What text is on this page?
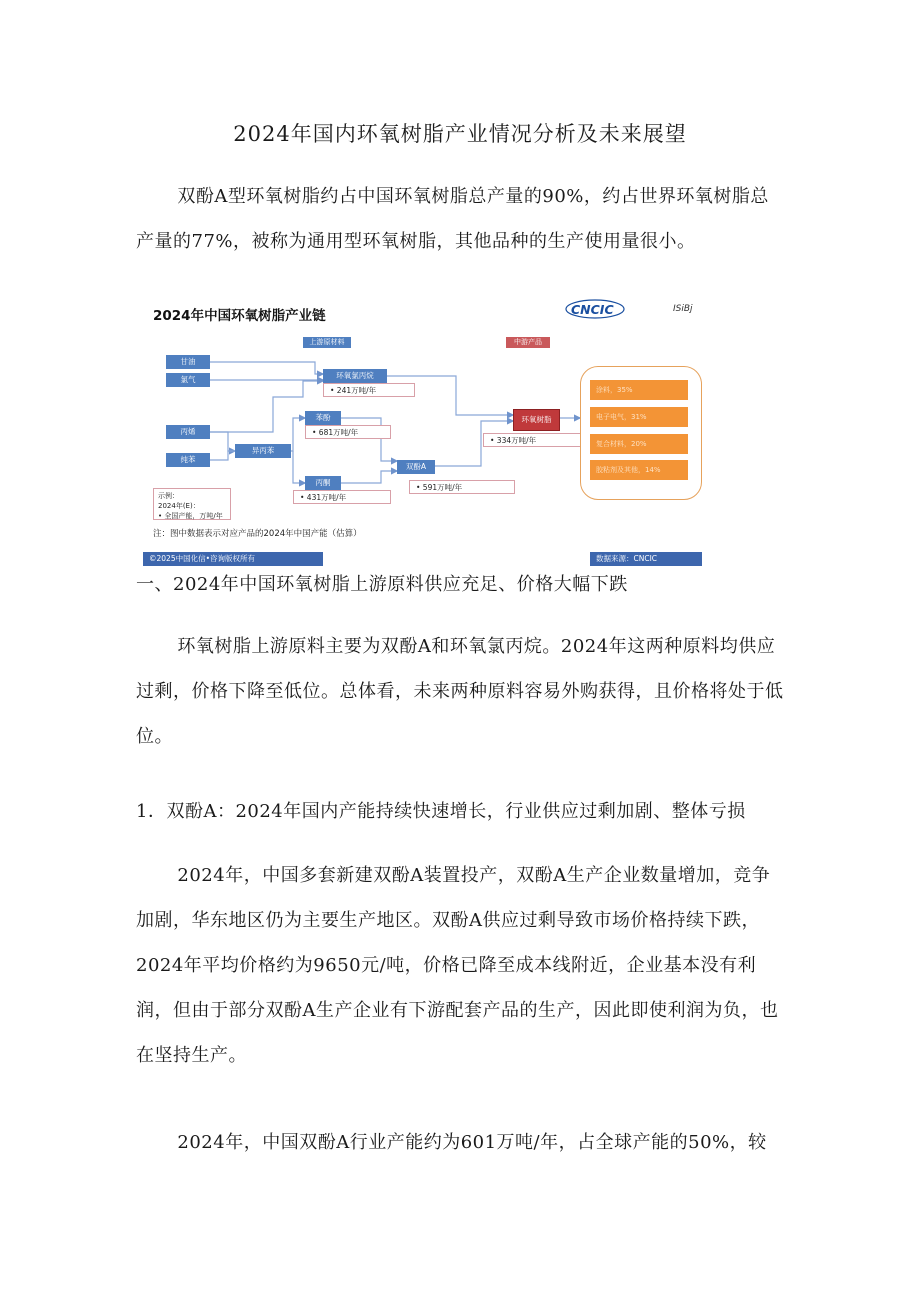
2024年国内环氧树脂产业情况分析及未来展望

双酚A型环氧树脂约占中国环氧树脂总产量的90%，约占世界环氧树脂总产量的77%，被称为通用型环氧树脂，其他品种的生产使用量很小。

2024年中国环氧树脂产业链	CNCIC	ISiBj
上游原材料	中游产品
甘油
氯气
丙烯
纯苯
异丙苯
苯酚
丙酮
双酚A
环氧氯丙烷
环氧树脂
• 241万吨/年
• 681万吨/年
• 431万吨/年
• 591万吨/年
• 334万吨/年
涂料，35%
电子电气，31%
复合材料，20%
胶粘剂及其他，14%
示例：
2024年(E)：
• 全国产能，万吨/年
注：图中数据表示对应产品的2024年中国产能（估算）
©2025中国化信•咨询版权所有	数据来源：CNCIC
一、2024年中国环氧树脂上游原料供应充足、价格大幅下跌

环氧树脂上游原料主要为双酚A和环氧氯丙烷。2024年这两种原料均供应过剩，价格下降至低位。总体看，未来两种原料容易外购获得，且价格将处于低位。

1．双酚A：2024年国内产能持续快速增长，行业供应过剩加剧、整体亏损

2024年，中国多套新建双酚A装置投产，双酚A生产企业数量增加，竞争加剧，华东地区仍为主要生产地区。双酚A供应过剩导致市场价格持续下跌，2024年平均价格约为9650元/吨，价格已降至成本线附近，企业基本没有利润，但由于部分双酚A生产企业有下游配套产品的生产，因此即使利润为负，也在坚持生产。

2024年，中国双酚A行业产能约为601万吨/年，占全球产能的50%，较
